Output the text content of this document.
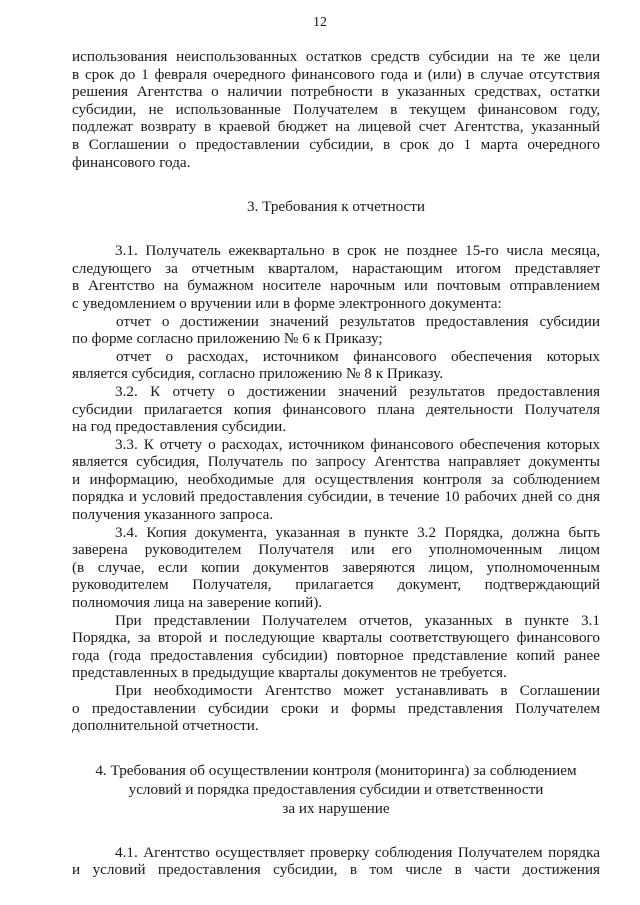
12
использования неиспользованных остатков средств субсидии на те же цели
в срок до 1 февраля очередного финансового года и (или) в случае отсутствия
решения Агентства о наличии потребности в указанных средствах, остатки
субсидии, не использованные Получателем в текущем финансовом году,
подлежат возврату в краевой бюджет на лицевой счет Агентства, указанный
в Соглашении о предоставлении субсидии, в срок до 1 марта очередного
финансового года.
3. Требования к отчетности
3.1. Получатель ежеквартально в срок не позднее 15-го числа месяца,
следующего за отчетным кварталом, нарастающим итогом представляет
в Агентство на бумажном носителе нарочным или почтовым отправлением
с уведомлением о вручении или в форме электронного документа:
отчет о достижении значений результатов предоставления субсидии
по форме согласно приложению № 6 к Приказу;
отчет о расходах, источником финансового обеспечения которых
является субсидия, согласно приложению № 8 к Приказу.
3.2. К отчету о достижении значений результатов предоставления
субсидии прилагается копия финансового плана деятельности Получателя
на год предоставления субсидии.
3.3. К отчету о расходах, источником финансового обеспечения которых
является субсидия, Получатель по запросу Агентства направляет документы
и информацию, необходимые для осуществления контроля за соблюдением
порядка и условий предоставления субсидии, в течение 10 рабочих дней со дня
получения указанного запроса.
3.4. Копия документа, указанная в пункте 3.2 Порядка, должна быть
заверена руководителем Получателя или его уполномоченным лицом
(в случае, если копии документов заверяются лицом, уполномоченным
руководителем Получателя, прилагается документ, подтверждающий
полномочия лица на заверение копий).
При представлении Получателем отчетов, указанных в пункте 3.1
Порядка, за второй и последующие кварталы соответствующего финансового
года (года предоставления субсидии) повторное представление копий ранее
представленных в предыдущие кварталы документов не требуется.
При необходимости Агентство может устанавливать в Соглашении
о предоставлении субсидии сроки и формы представления Получателем
дополнительной отчетности.
4. Требования об осуществлении контроля (мониторинга) за соблюдением
условий и порядка предоставления субсидии и ответственности
за их нарушение
4.1. Агентство осуществляет проверку соблюдения Получателем порядка
и условий предоставления субсидии, в том числе в части достижения
